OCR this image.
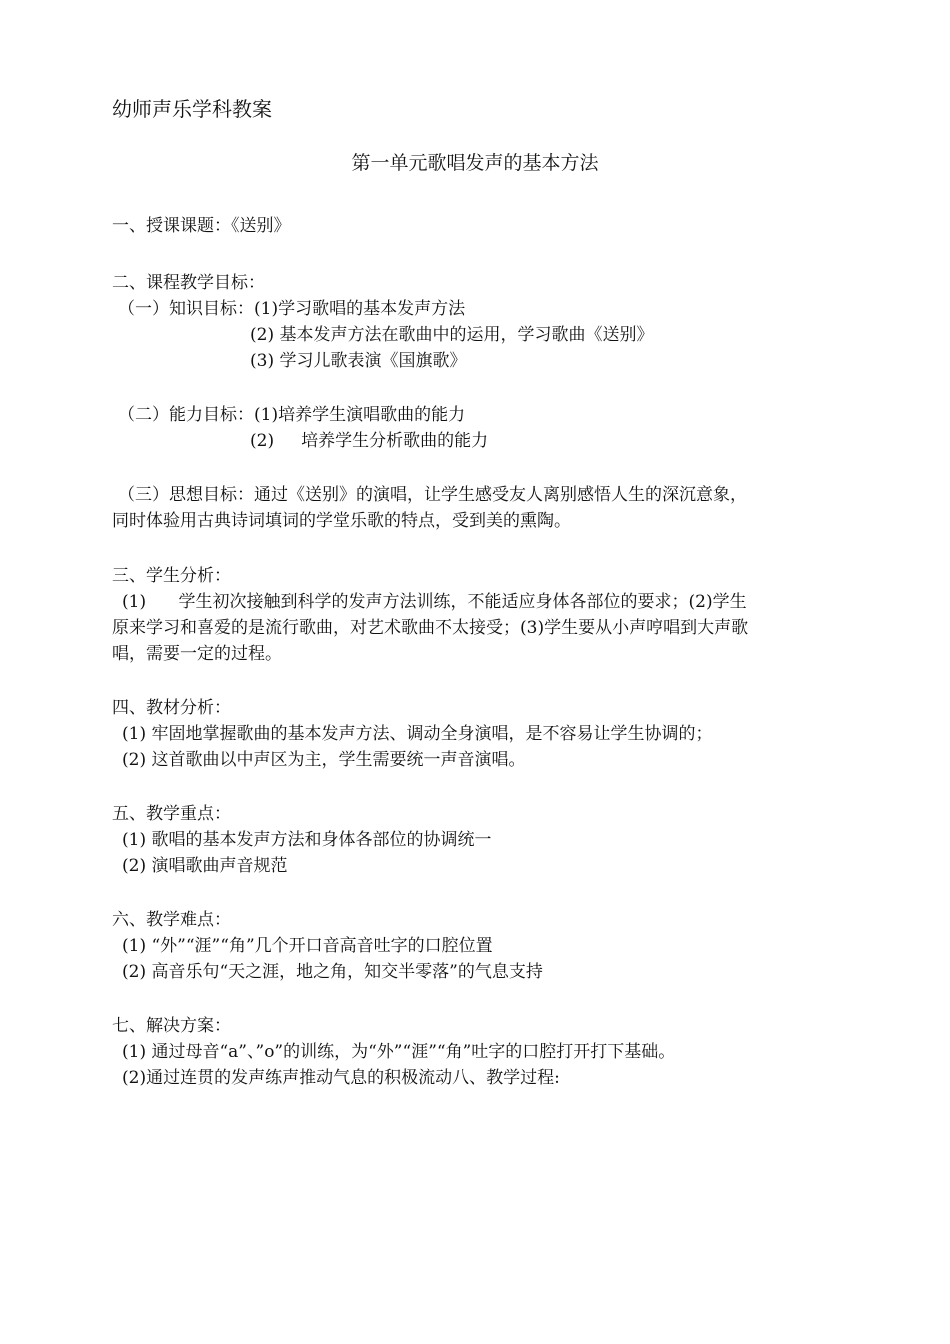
幼师声乐学科教案
第一单元歌唱发声的基本方法
一、授课课题：《送别》
二、课程教学目标：
（一）知识目标：(1)学习歌唱的基本发声方法
(2) 基本发声方法在歌曲中的运用，学习歌曲《送别》
(3) 学习儿歌表演《国旗歌》
（二）能力目标：(1)培养学生演唱歌曲的能力
(2)     培养学生分析歌曲的能力
（三）思想目标：通过《送别》的演唱，让学生感受友人离别感悟人生的深沉意象，
同时体验用古典诗词填词的学堂乐歌的特点，受到美的熏陶。
三、学生分析：
(1)      学生初次接触到科学的发声方法训练，不能适应身体各部位的要求；(2)学生
原来学习和喜爱的是流行歌曲，对艺术歌曲不太接受；(3)学生要从小声哼唱到大声歌
唱，需要一定的过程。
四、教材分析：
(1) 牢固地掌握歌曲的基本发声方法、调动全身演唱，是不容易让学生协调的；
(2) 这首歌曲以中声区为主，学生需要统一声音演唱。
五、教学重点：
(1) 歌唱的基本发声方法和身体各部位的协调统一
(2) 演唱歌曲声音规范
六、教学难点：
(1) “外”“涯”“角”几个开口音高音吐字的口腔位置
(2) 高音乐句“天之涯，地之角，知交半零落”的气息支持
七、解决方案：
(1) 通过母音“a”、”o”的训练，为“外”“涯”“角”吐字的口腔打开打下基础。
(2)通过连贯的发声练声推动气息的积极流动八、教学过程:
